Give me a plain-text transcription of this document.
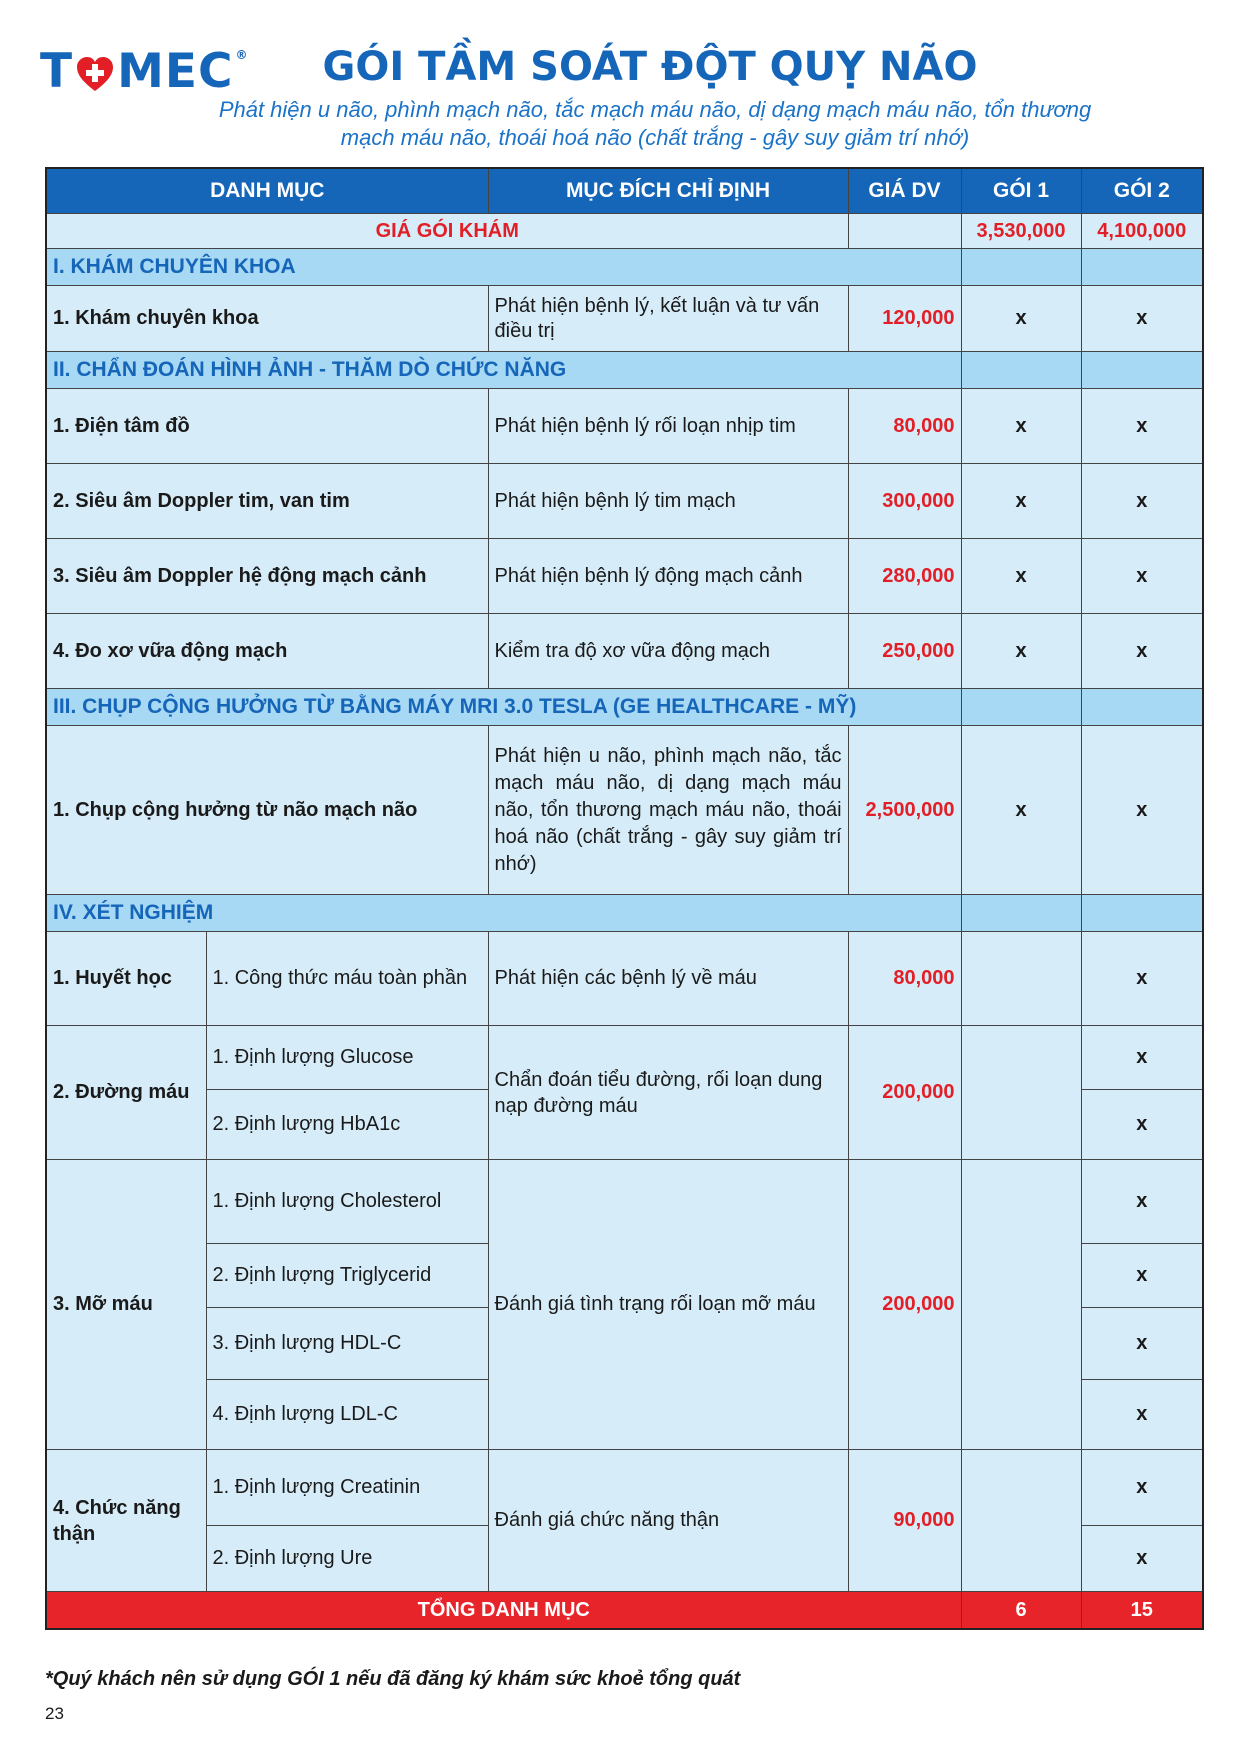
T MEC®	GÓI TẦM SOÁT ĐỘT QUỴ NÃO
Phát hiện u não, phình mạch não, tắc mạch máu não, dị dạng mạch máu não, tổn thương
mạch máu não, thoái hoá não (chất trắng - gây suy giảm trí nhớ)
DANH MỤC		MỤC ĐÍCH CHỈ ĐỊNH	GIÁ DV	GÓI 1	GÓI 2
GIÁ GÓI KHÁM				3,530,000	4,100,000
I. KHÁM CHUYÊN KHOA					
1. Khám chuyên khoa		Phát hiện bệnh lý, kết luận và tư vấn điều trị	120,000	x	x
II. CHẨN ĐOÁN HÌNH ẢNH - THĂM DÒ CHỨC NĂNG					
1. Điện tâm đồ		Phát hiện bệnh lý rối loạn nhịp tim	80,000	x	x
2. Siêu âm Doppler tim, van tim		Phát hiện bệnh lý tim mạch	300,000	x	x
3. Siêu âm Doppler hệ động mạch cảnh		Phát hiện bệnh lý động mạch cảnh	280,000	x	x
4. Đo xơ vữa động mạch		Kiểm tra độ xơ vữa động mạch	250,000	x	x
III. CHỤP CỘNG HƯỞNG TỪ BẰNG MÁY MRI 3.0 TESLA (GE HEALTHCARE - MỸ)					
1. Chụp cộng hưởng từ não mạch não		Phát hiện u não, phình mạch não, tắc mạch máu não, dị dạng mạch máu não, tổn thương mạch máu não, thoái hoá não (chất trắng - gây suy giảm trí nhớ)	2,500,000	x	x
IV. XÉT NGHIỆM					
1. Huyết học	1. Công thức máu toàn phần	Phát hiện các bệnh lý về máu	80,000		x
2. Đường máu	1. Định lượng Glucose	Chẩn đoán tiểu đường, rối loạn dung nạp đường máu	200,000		x
	2. Định lượng HbA1c				x
3. Mỡ máu	1. Định lượng Cholesterol	Đánh giá tình trạng rối loạn mỡ máu	200,000		x
	2. Định lượng Triglycerid				x
	3. Định lượng HDL-C				x
	4. Định lượng LDL-C				x
4. Chức năng thận	1. Định lượng Creatinin	Đánh giá chức năng thận	90,000		x
	2. Định lượng Ure				x
TỔNG DANH MỤC				6	15
*Quý khách nên sử dụng GÓI 1 nếu đã đăng ký khám sức khoẻ tổng quát
23
